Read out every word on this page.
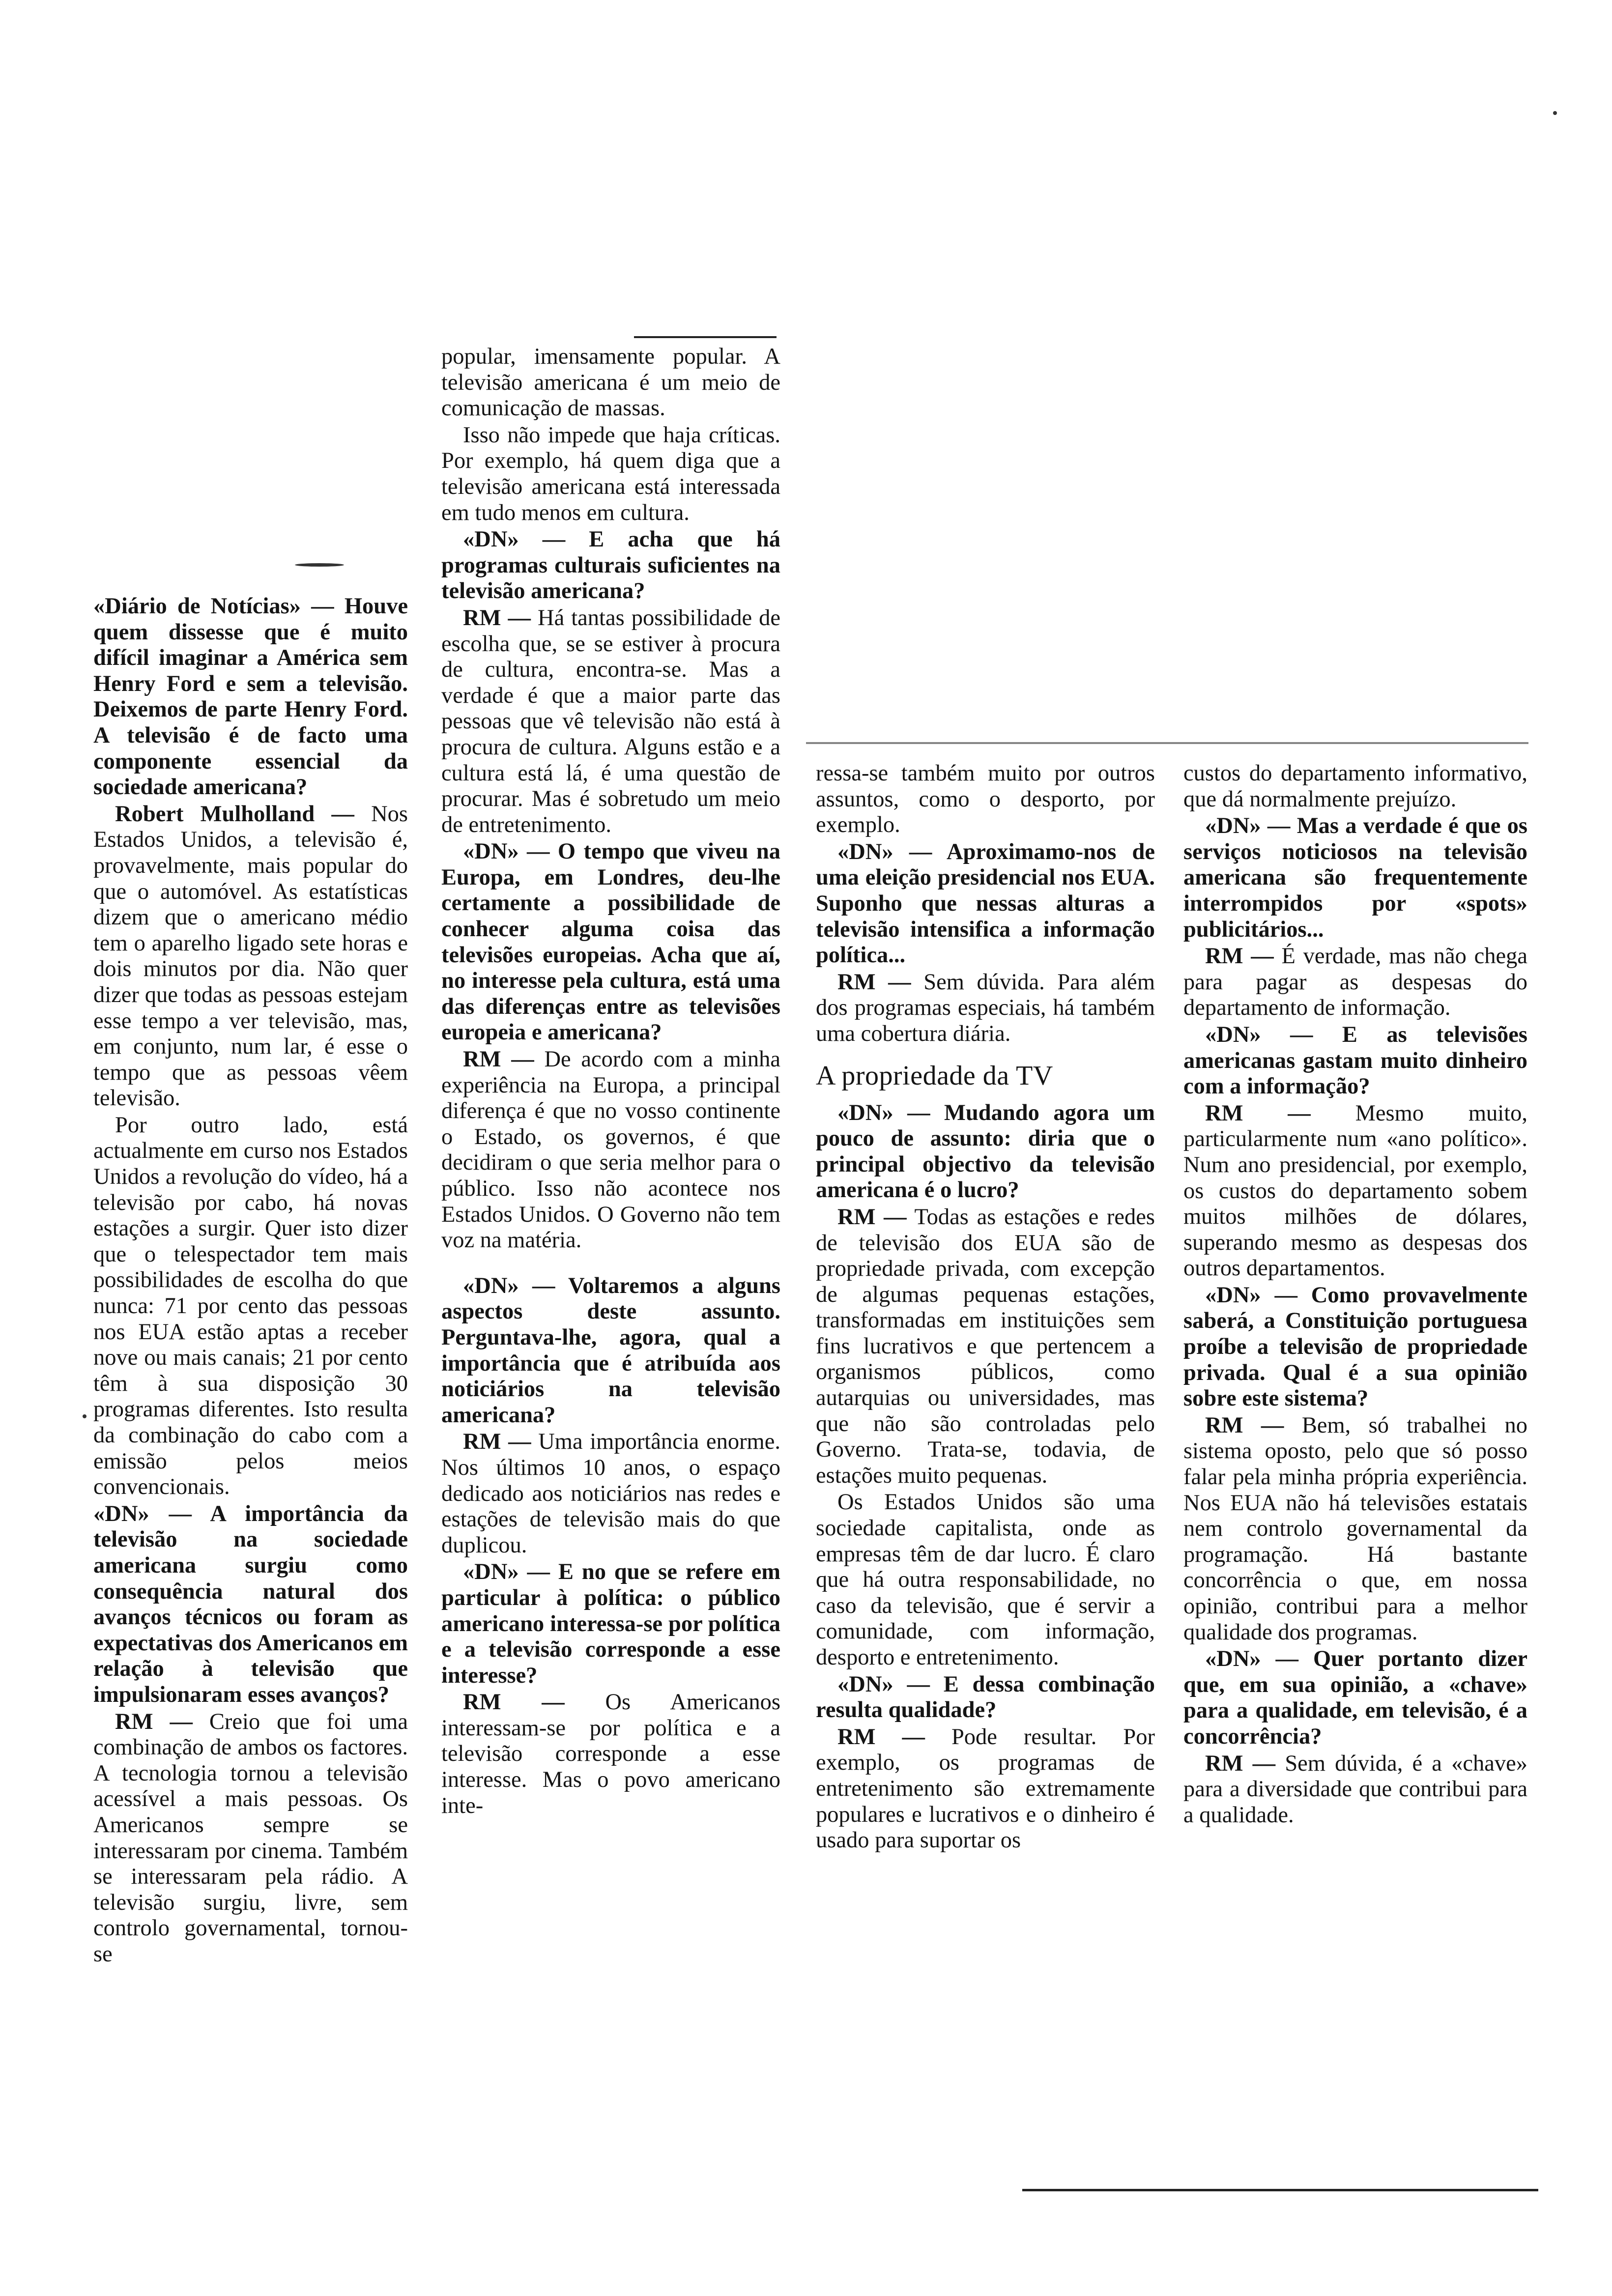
«Diário de Notícias» — Houve quem dissesse que é muito difícil imaginar a América sem Henry Ford e sem a televisão. Deixemos de parte Henry Ford. A televisão é de facto uma componente essencial da sociedade americana?

Robert Mulholland — Nos Estados Unidos, a televisão é, provavelmente, mais popular do que o automóvel. As estatísticas dizem que o americano médio tem o aparelho ligado sete horas e dois minutos por dia. Não quer dizer que todas as pessoas estejam esse tempo a ver televisão, mas, em conjunto, num lar, é esse o tempo que as pessoas vêem televisão.

Por outro lado, está actualmente em curso nos Estados Unidos a revolução do vídeo, há a televisão por cabo, há novas estações a surgir. Quer isto dizer que o telespectador tem mais possibilidades de escolha do que nunca: 71 por cento das pessoas nos EUA estão aptas a receber nove ou mais canais; 21 por cento têm à sua disposição 30 programas diferentes. Isto resulta da combinação do cabo com a emissão pelos meios convencionais.

«DN» — A importância da televisão na sociedade americana surgiu como consequência natural dos avanços técnicos ou foram as expectativas dos Americanos em relação à televisão que impulsionaram esses avanços?

RM — Creio que foi uma combinação de ambos os factores. A tecnologia tornou a televisão acessível a mais pessoas. Os Americanos sempre se interessaram por cinema. Também se interessaram pela rádio. A televisão surgiu, livre, sem controlo governamental, tornou-se

popular, imensamente popular. A televisão americana é um meio de comunicação de massas.

Isso não impede que haja críticas. Por exemplo, há quem diga que a televisão americana está interessada em tudo menos em cultura.

«DN» — E acha que há programas culturais suficientes na televisão americana?

RM — Há tantas possibilidade de escolha que, se se estiver à procura de cultura, encontra-se. Mas a verdade é que a maior parte das pessoas que vê televisão não está à procura de cultura. Alguns estão e a cultura está lá, é uma questão de procurar. Mas é sobretudo um meio de entretenimento.

«DN» — O tempo que viveu na Europa, em Londres, deu-lhe certamente a possibilidade de conhecer alguma coisa das televisões europeias. Acha que aí, no interesse pela cultura, está uma das diferenças entre as televisões europeia e americana?

RM — De acordo com a minha experiência na Europa, a principal diferença é que no vosso continente o Estado, os governos, é que decidiram o que seria melhor para o público. Isso não acontece nos Estados Unidos. O Governo não tem voz na matéria.

«DN» — Voltaremos a alguns aspectos deste assunto. Perguntava-lhe, agora, qual a importância que é atribuída aos noticiários na televisão americana?

RM — Uma importância enorme. Nos últimos 10 anos, o espaço dedicado aos noticiários nas redes e estações de televisão mais do que duplicou.

«DN» — E no que se refere em particular à política: o público americano interessa-se por política e a televisão corresponde a esse interesse?

RM — Os Americanos interessam-se por política e a televisão corresponde a esse interesse. Mas o povo americano inte-

ressa-se também muito por outros assuntos, como o desporto, por exemplo.

«DN» — Aproximamo-nos de uma eleição presidencial nos EUA. Suponho que nessas alturas a televisão intensifica a informação política...

RM — Sem dúvida. Para além dos programas especiais, há também uma cobertura diária.

A propriedade da TV

«DN» — Mudando agora um pouco de assunto: diria que o principal objectivo da televisão americana é o lucro?

RM — Todas as estações e redes de televisão dos EUA são de propriedade privada, com excepção de algumas pequenas estações, transformadas em instituições sem fins lucrativos e que pertencem a organismos públicos, como autarquias ou universidades, mas que não são controladas pelo Governo. Trata-se, todavia, de estações muito pequenas.

Os Estados Unidos são uma sociedade capitalista, onde as empresas têm de dar lucro. É claro que há outra responsabilidade, no caso da televisão, que é servir a comunidade, com informação, desporto e entretenimento.

«DN» — E dessa combinação resulta qualidade?

RM — Pode resultar. Por exemplo, os programas de entretenimento são extremamente populares e lucrativos e o dinheiro é usado para suportar os

custos do departamento informativo, que dá normalmente prejuízo.

«DN» — Mas a verdade é que os serviços noticiosos na televisão americana são frequentemente interrompidos por «spots» publicitários...

RM — É verdade, mas não chega para pagar as despesas do departamento de informação.

«DN» — E as televisões americanas gastam muito dinheiro com a informação?

RM — Mesmo muito, particularmente num «ano político». Num ano presidencial, por exemplo, os custos do departamento sobem muitos milhões de dólares, superando mesmo as despesas dos outros departamentos.

«DN» — Como provavelmente saberá, a Constituição portuguesa proíbe a televisão de propriedade privada. Qual é a sua opinião sobre este sistema?

RM — Bem, só trabalhei no sistema oposto, pelo que só posso falar pela minha própria experiência. Nos EUA não há televisões estatais nem controlo governamental da programação. Há bastante concorrência o que, em nossa opinião, contribui para a melhor qualidade dos programas.

«DN» — Quer portanto dizer que, em sua opinião, a «chave» para a qualidade, em televisão, é a concorrência?

RM — Sem dúvida, é a «chave» para a diversidade que contribui para a qualidade.
